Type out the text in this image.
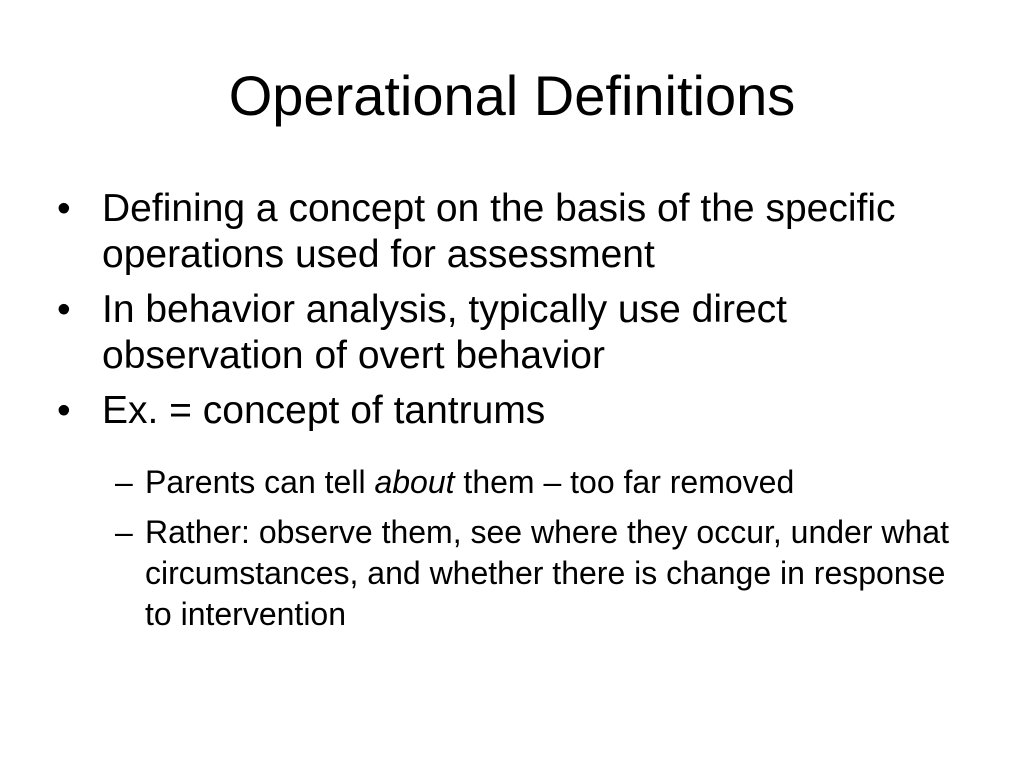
Operational Definitions
• Defining a concept on the basis of the specific operations used for assessment
• In behavior analysis, typically use direct observation of overt behavior
• Ex. = concept of tantrums
– Parents can tell about them – too far removed
– Rather: observe them, see where they occur, under what circumstances, and whether there is change in response to intervention
